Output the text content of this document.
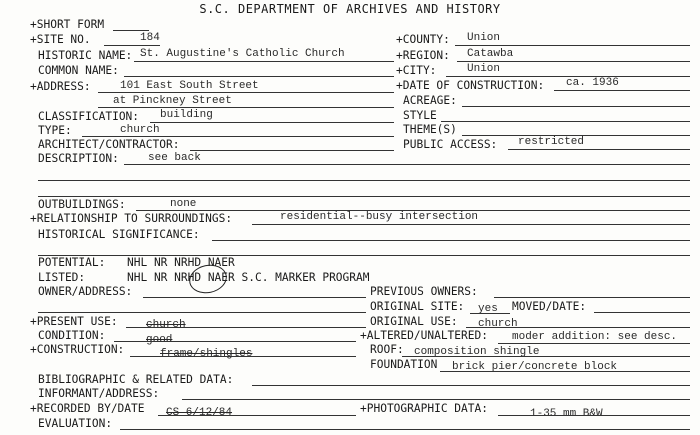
S.C. DEPARTMENT OF ARCHIVES AND HISTORY
+SHORT FORM
+SITE NO.	184	+COUNTY: Union
HISTORIC NAME: St. Augustine's Catholic Church	+REGION: Catawba
COMMON NAME:	+CITY:	Union
+ADDRESS:	101 East South Street	+DATE OF CONSTRUCTION: ca. 1936
at Pinckney Street	ACREAGE:
CLASSIFICATION: building	STYLE
TYPE:	church	THEME(S)
ARCHITECT/CONTRACTOR:	PUBLIC ACCESS: restricted
DESCRIPTION:	see back
OUTBUILDINGS:	none
+RELATIONSHIP TO SURROUNDINGS:	residential--busy intersection
HISTORICAL SIGNIFICANCE:
POTENTIAL: NHL NR NRHD NAER
LISTED:	NHL NR NRHD NAER S.C. MARKER PROGRAM
OWNER/ADDRESS:	PREVIOUS OWNERS:
ORIGINAL SITE: yes MOVED/DATE:
+PRESENT USE:	church	ORIGINAL USE: church
CONDITION:	good	+ALTERED/UNALTERED: moder addition: see desc.
+CONSTRUCTION:	frame/shingles	ROOF: composition shingle
FOUNDATION brick pier/concrete block
BIBLIOGRAPHIC & RELATED DATA:
INFORMANT/ADDRESS:
+RECORDED BY/DATE CS 6/12/84	+PHOTOGRAPHIC DATA:	1-35 mm B&W
EVALUATION:
